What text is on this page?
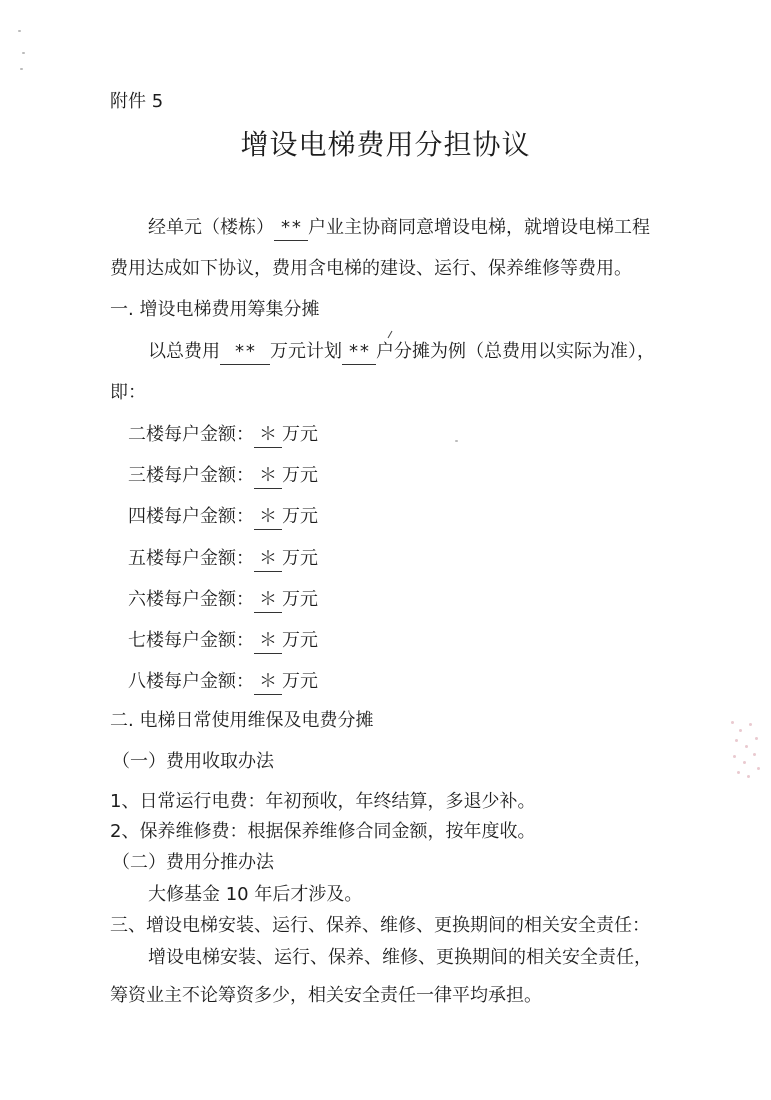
附件 5
增设电梯费用分担协议
经单元（楼栋） ** 户业主协商同意增设电梯，就增设电梯工程
费用达成如下协议，费用含电梯的建设、运行、保养维修等费用。
一. 增设电梯费用筹集分摊
以总费用 ** 万元计划 ** 户分摊为例（总费用以实际为准），
即：
二楼每户金额： ＊ 万元
三楼每户金额： ＊ 万元
四楼每户金额： ＊ 万元
五楼每户金额： ＊ 万元
六楼每户金额： ＊ 万元
七楼每户金额： ＊ 万元
八楼每户金额： ＊ 万元
二. 电梯日常使用维保及电费分摊
（一）费用收取办法
1、日常运行电费：年初预收，年终结算，多退少补。
2、保养维修费：根据保养维修合同金额，按年度收。
（二）费用分推办法
大修基金 10 年后才涉及。
三、增设电梯安装、运行、保养、维修、更换期间的相关安全责任：
增设电梯安装、运行、保养、维修、更换期间的相关安全责任，
筹资业主不论筹资多少，相关安全责任一律平均承担。
